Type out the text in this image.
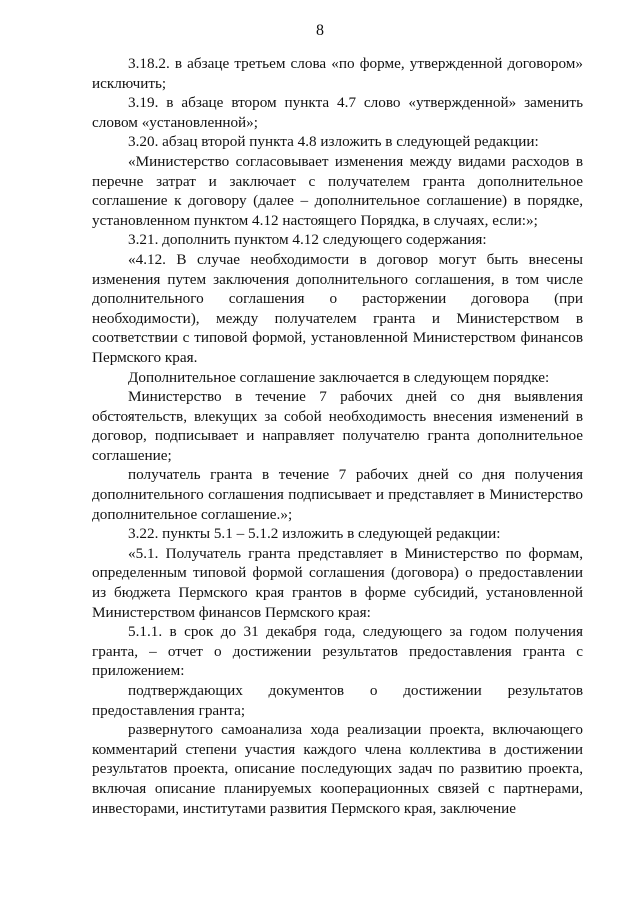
8

3.18.2. в абзаце третьем слова «по форме, утвержденной договором» исключить;

3.19. в абзаце втором пункта 4.7 слово «утвержденной» заменить словом «установленной»;

3.20. абзац второй пункта 4.8 изложить в следующей редакции:

«Министерство согласовывает изменения между видами расходов в перечне затрат и заключает с получателем гранта дополнительное соглашение к договору (далее – дополнительное соглашение) в порядке, установленном пунктом 4.12 настоящего Порядка, в случаях, если:»;

3.21. дополнить пунктом 4.12 следующего содержания:

«4.12. В случае необходимости в договор могут быть внесены изменения путем заключения дополнительного соглашения, в том числе дополнительного соглашения о расторжении договора (при необходимости), между получателем гранта и Министерством в соответствии с типовой формой, установленной Министерством финансов Пермского края.

Дополнительное соглашение заключается в следующем порядке:

Министерство в течение 7 рабочих дней со дня выявления обстоятельств, влекущих за собой необходимость внесения изменений в договор, подписывает и направляет получателю гранта дополнительное соглашение;

получатель гранта в течение 7 рабочих дней со дня получения дополнительного соглашения подписывает и представляет в Министерство дополнительное соглашение.»;

3.22. пункты 5.1 – 5.1.2 изложить в следующей редакции:

«5.1. Получатель гранта представляет в Министерство по формам, определенным типовой формой соглашения (договора) о предоставлении из бюджета Пермского края грантов в форме субсидий, установленной Министерством финансов Пермского края:

5.1.1. в срок до 31 декабря года, следующего за годом получения гранта, – отчет о достижении результатов предоставления гранта с приложением:

подтверждающих документов о достижении результатов предоставления гранта;

развернутого самоанализа хода реализации проекта, включающего комментарий степени участия каждого члена коллектива в достижении результатов проекта, описание последующих задач по развитию проекта, включая описание планируемых кооперационных связей с партнерами, инвесторами, институтами развития Пермского края, заключение
